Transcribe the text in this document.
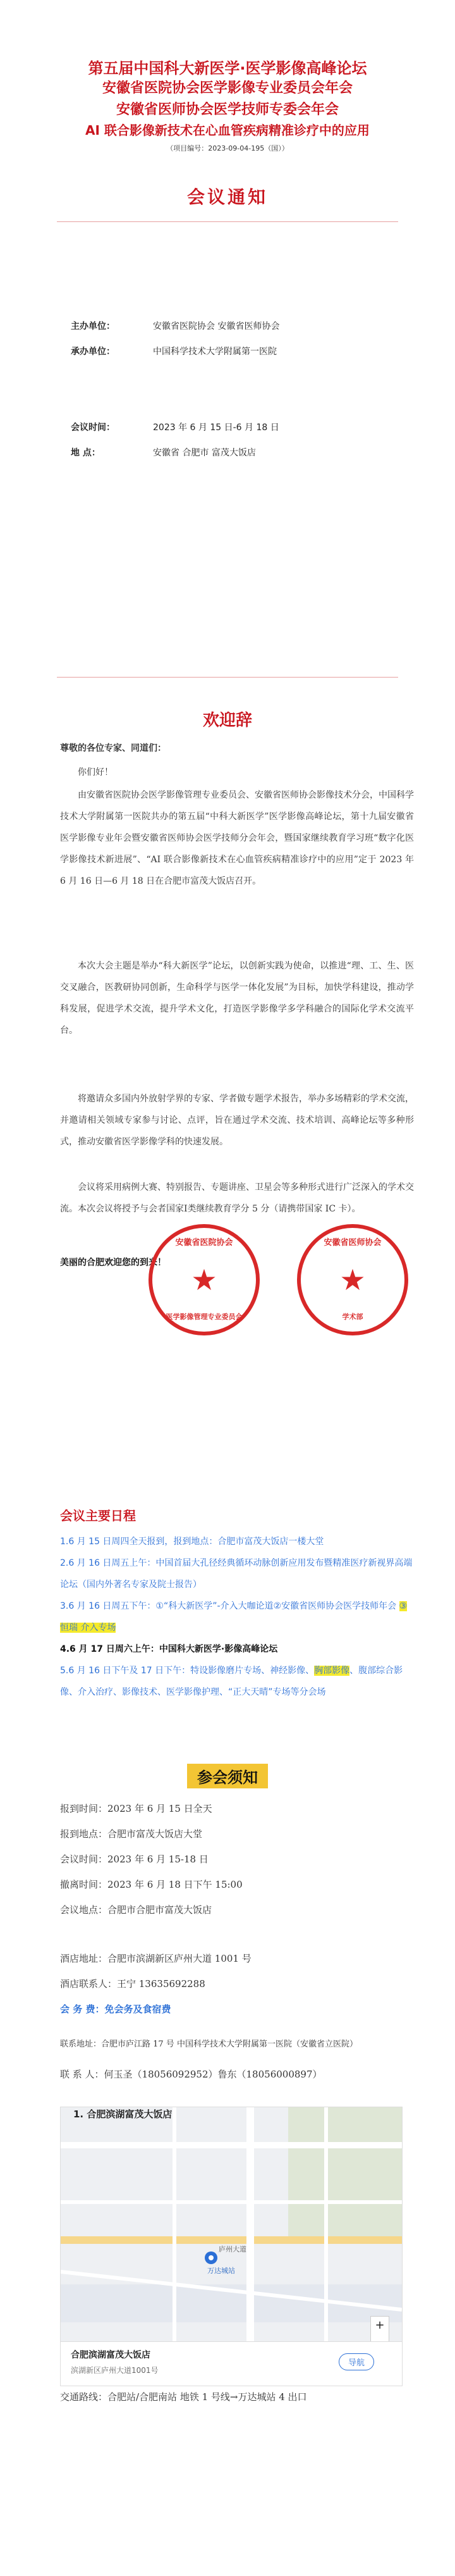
第五届中国科大新医学·医学影像高峰论坛
安徽省医院协会医学影像专业委员会年会
安徽省医师协会医学技师专委会年会
AI 联合影像新技术在心血管疾病精准诊疗中的应用
（项目编号：2023-09-04-195（国））
会议通知
主办单位：	安徽省医院协会 安徽省医师协会
承办单位：	中国科学技术大学附属第一医院
会议时间：	2023 年 6 月 15 日-6 月 18 日
地 点：	安徽省 合肥市 富茂大饭店
欢迎辞
尊敬的各位专家、同道们：
你们好！
由安徽省医院协会医学影像管理专业委员会、安徽省医师协会影像技术分会，中国科学技术大学附属第一医院共办的第五届“中科大新医学”医学影像高峰论坛，第十九届安徽省医学影像专业年会暨安徽省医师协会医学技师分会年会，暨国家继续教育学习班“数字化医学影像技术新进展”、“AI 联合影像新技术在心血管疾病精准诊疗中的应用”定于 2023 年 6 月 16 日—6 月 18 日在合肥市富茂大饭店召开。
本次大会主题是举办“科大新医学”论坛，以创新实践为使命，以推进“理、工、生、医交叉融合，医教研协同创新，生命科学与医学一体化发展”为目标，加快学科建设，推动学科发展，促进学术交流，提升学术文化，打造医学影像学多学科融合的国际化学术交流平台。
将邀请众多国内外放射学界的专家、学者做专题学术报告，举办多场精彩的学术交流，并邀请相关领域专家参与讨论、点评，旨在通过学术交流、技术培训、高峰论坛等多种形式，推动安徽省医学影像学科的快速发展。
会议将采用病例大赛、特别报告、专题讲座、卫星会等多种形式进行广泛深入的学术交流。本次会议将授予与会者国家Ⅰ类继续教育学分 5 分（请携带国家 IC 卡）。
美丽的合肥欢迎您的到来！
安徽省医院协会
★
医学影像管理专业委员会
安徽省医师协会
★
学术部
会议主要日程
1.6 月 15 日周四全天报到，报到地点：合肥市富茂大饭店一楼大堂
2.6 月 16 日周五上午：中国首届大孔径经典循环动脉创新应用发布暨精准医疗新视界高端论坛（国内外著名专家及院士报告）
3.6 月 16 日周五下午：①“科大新医学”-介入大咖论道②安徽省医师协会医学技师年会 ③恒瑞 介入专场
4.6 月 17 日周六上午：中国科大新医学·影像高峰论坛
5.6 月 16 日下午及 17 日下午：特设影像磨片专场、神经影像、胸部影像、腹部综合影像、介入治疗、影像技术、医学影像护理、“正大天晴”专场等分会场
参会须知
报到时间：2023 年 6 月 15 日全天
报到地点：合肥市富茂大饭店大堂
会议时间：2023 年 6 月 15-18 日
撤离时间：2023 年 6 月 18 日下午 15:00
会议地点：合肥市合肥市富茂大饭店
酒店地址：合肥市滨湖新区庐州大道 1001 号
酒店联系人：王宁 13635692288
会 务 费：免会务及食宿费
联系地址：合肥市庐江路 17 号 中国科学技术大学附属第一医院（安徽省立医院）
联 系 人：何玉圣（18056092952）鲁东（18056000897）
1. 合肥滨湖富茂大饭店
庐州大道
万达城站
+
合肥滨湖富茂大饭店
滨湖新区庐州大道1001号
导航
交通路线：合肥站/合肥南站 地铁 1 号线→万达城站 4 出口
